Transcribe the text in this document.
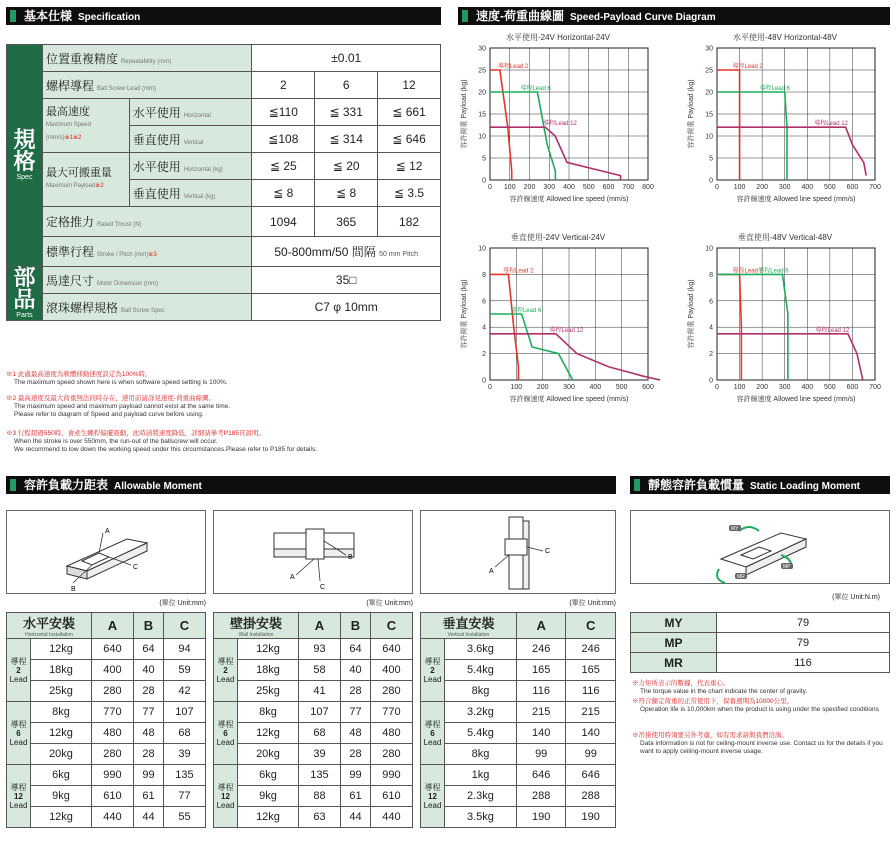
基本仕様 Specification
規格
Spec	位置重複精度 Repeatability (mm)		±0.01		
	螺桿導程 Ball Screw Lead (mm)		2	6	12
	最高速度
Maximum Speed
(mm/s)※1※2	水平使用 Horizontal	≦110	≦ 331	≦ 661
		垂直使用 Vertical	≦108	≦ 314	≦ 646
	最大可搬重量
Maximum Payload※2	水平使用 Horizontal (kg)	≦ 25	≦ 20	≦ 12
		垂直使用 Vertical (kg)	≦ 8	≦ 8	≦ 3.5
	定格推力 Rated Thrust (N)		1094	365	182
	標準行程 Stroke / Pitch (mm)※3		50-800mm/50 間隔 50 mm Pitch		

部品
Parts	馬達尺寸 Motor Dimension (mm)		35□		
	滾珠螺桿規格 Ball Screw Spec		C7 φ 10mm		
※1 此處最高速度為軟體移動速度設定為100%時。
The maximum speed shown here is when software speed setting is 100%.
※2 最高速度及最大荷重無法同時存在，速用前請詳見速度-荷重曲線圖。
The maximum speed and maximum payload cannot exist at the same time.
Please refer to diagram of Speed and payload curve before using.
※3 行程超過550時，會產生螺桿偏擺震動，此時請將速度降低，詳細請參考P185頁說明。
When the stroke is over 550mm, the run-out of the ballscrew will occur.
We recommend to low down the working speed under this circumstances.Please refer to P185 for details.
速度-荷重曲線圖 Speed-Payload Curve Diagram
水平使用-24V Horizontal-24V
0 100 200 300 400 500 600 700 800
0
5
10
15
20
25
30
容許線速度 Allowed line speed (mm/s)
容許荷重 Payload (kg)
導程Lead 2
導程Lead 6
導程Lead 12
水平使用-48V Horizontal-48V
0 100 200 300 400 500 600 700
0
5
10
15
20
25
30
容許線速度 Allowed line speed (mm/s)
容許荷重 Payload (kg)
導程Lead 2
導程Lead 6
導程Lead 12
垂直使用-24V Vertical-24V
0	100 200 300 400 500 600
0
2
4
6
8
10
容許線速度 Allowed line speed (mm/s)
容許荷重 Payload (kg)
導程Lead 2
導程Lead 6
導程Lead 12
垂直使用-48V Vertical-48V
0 100 200 300 400 500 600 700
0
2
4
6
8
10
容許線速度 Allowed line speed (mm/s)
容許荷重 Payload (kg)
導程Lead 2
導程Lead 6
導程Lead 12
容許負載力距表 Allowable Moment
B
A
C
A
B
C
A
C
(單位 Unit:mm)	(單位 Unit:mm)	(單位 Unit:mm)
水平安裝
Horizontal Installation		A	B	C
導程
2
Lead	12kg	640	64	94
	18kg	400	40	59
	25kg	280	28	42
導程
6
Lead	8kg	770	77	107
	12kg	480	48	68
	20kg	280	28	39
導程
12
Lead	6kg	990	99	135
	9kg	610	61	77
	12kg	440	44	55
壁掛安裝
Wall Installation		A	B	C
導程
2
Lead	12kg	93	64	640
	18kg	58	40	400
	25kg	41	28	280
導程
6
Lead	8kg	107	77	770
	12kg	68	48	480
	20kg	39	28	280
導程
12
Lead	6kg	135	99	990
	9kg	88	61	610
	12kg	63	44	440
垂直安裝
Vertical Installation		A	C
導程
2
Lead	3.6kg	246	246
	5.4kg	165	165
	8kg	116	116
導程
6
Lead	3.2kg	215	215
	5.4kg	140	140
	8kg	99	99
導程
12
Lead	1kg	646	646
	2.3kg	288	288
	3.5kg	190	190
靜態容許負載慣量 Static Loading Moment
MY
MR
MP
(單位 Unit:N.m)
MY	79
MP	79
MR	116
※力矩所表示的數據，代表重心。
The torque value in the chart indicate the center of gravity.
※符合額定荷重的正常使用下，保養週期為10000公里。
Operation life is 10,000km when the product is using under the specified conditions
※吊掛使用時須要另外考慮，如有需求請與我們洽詢。
Data information is not for ceiling-mount inverse use. Contact us for the details if you want to apply ceiling-mount inverse usage.
